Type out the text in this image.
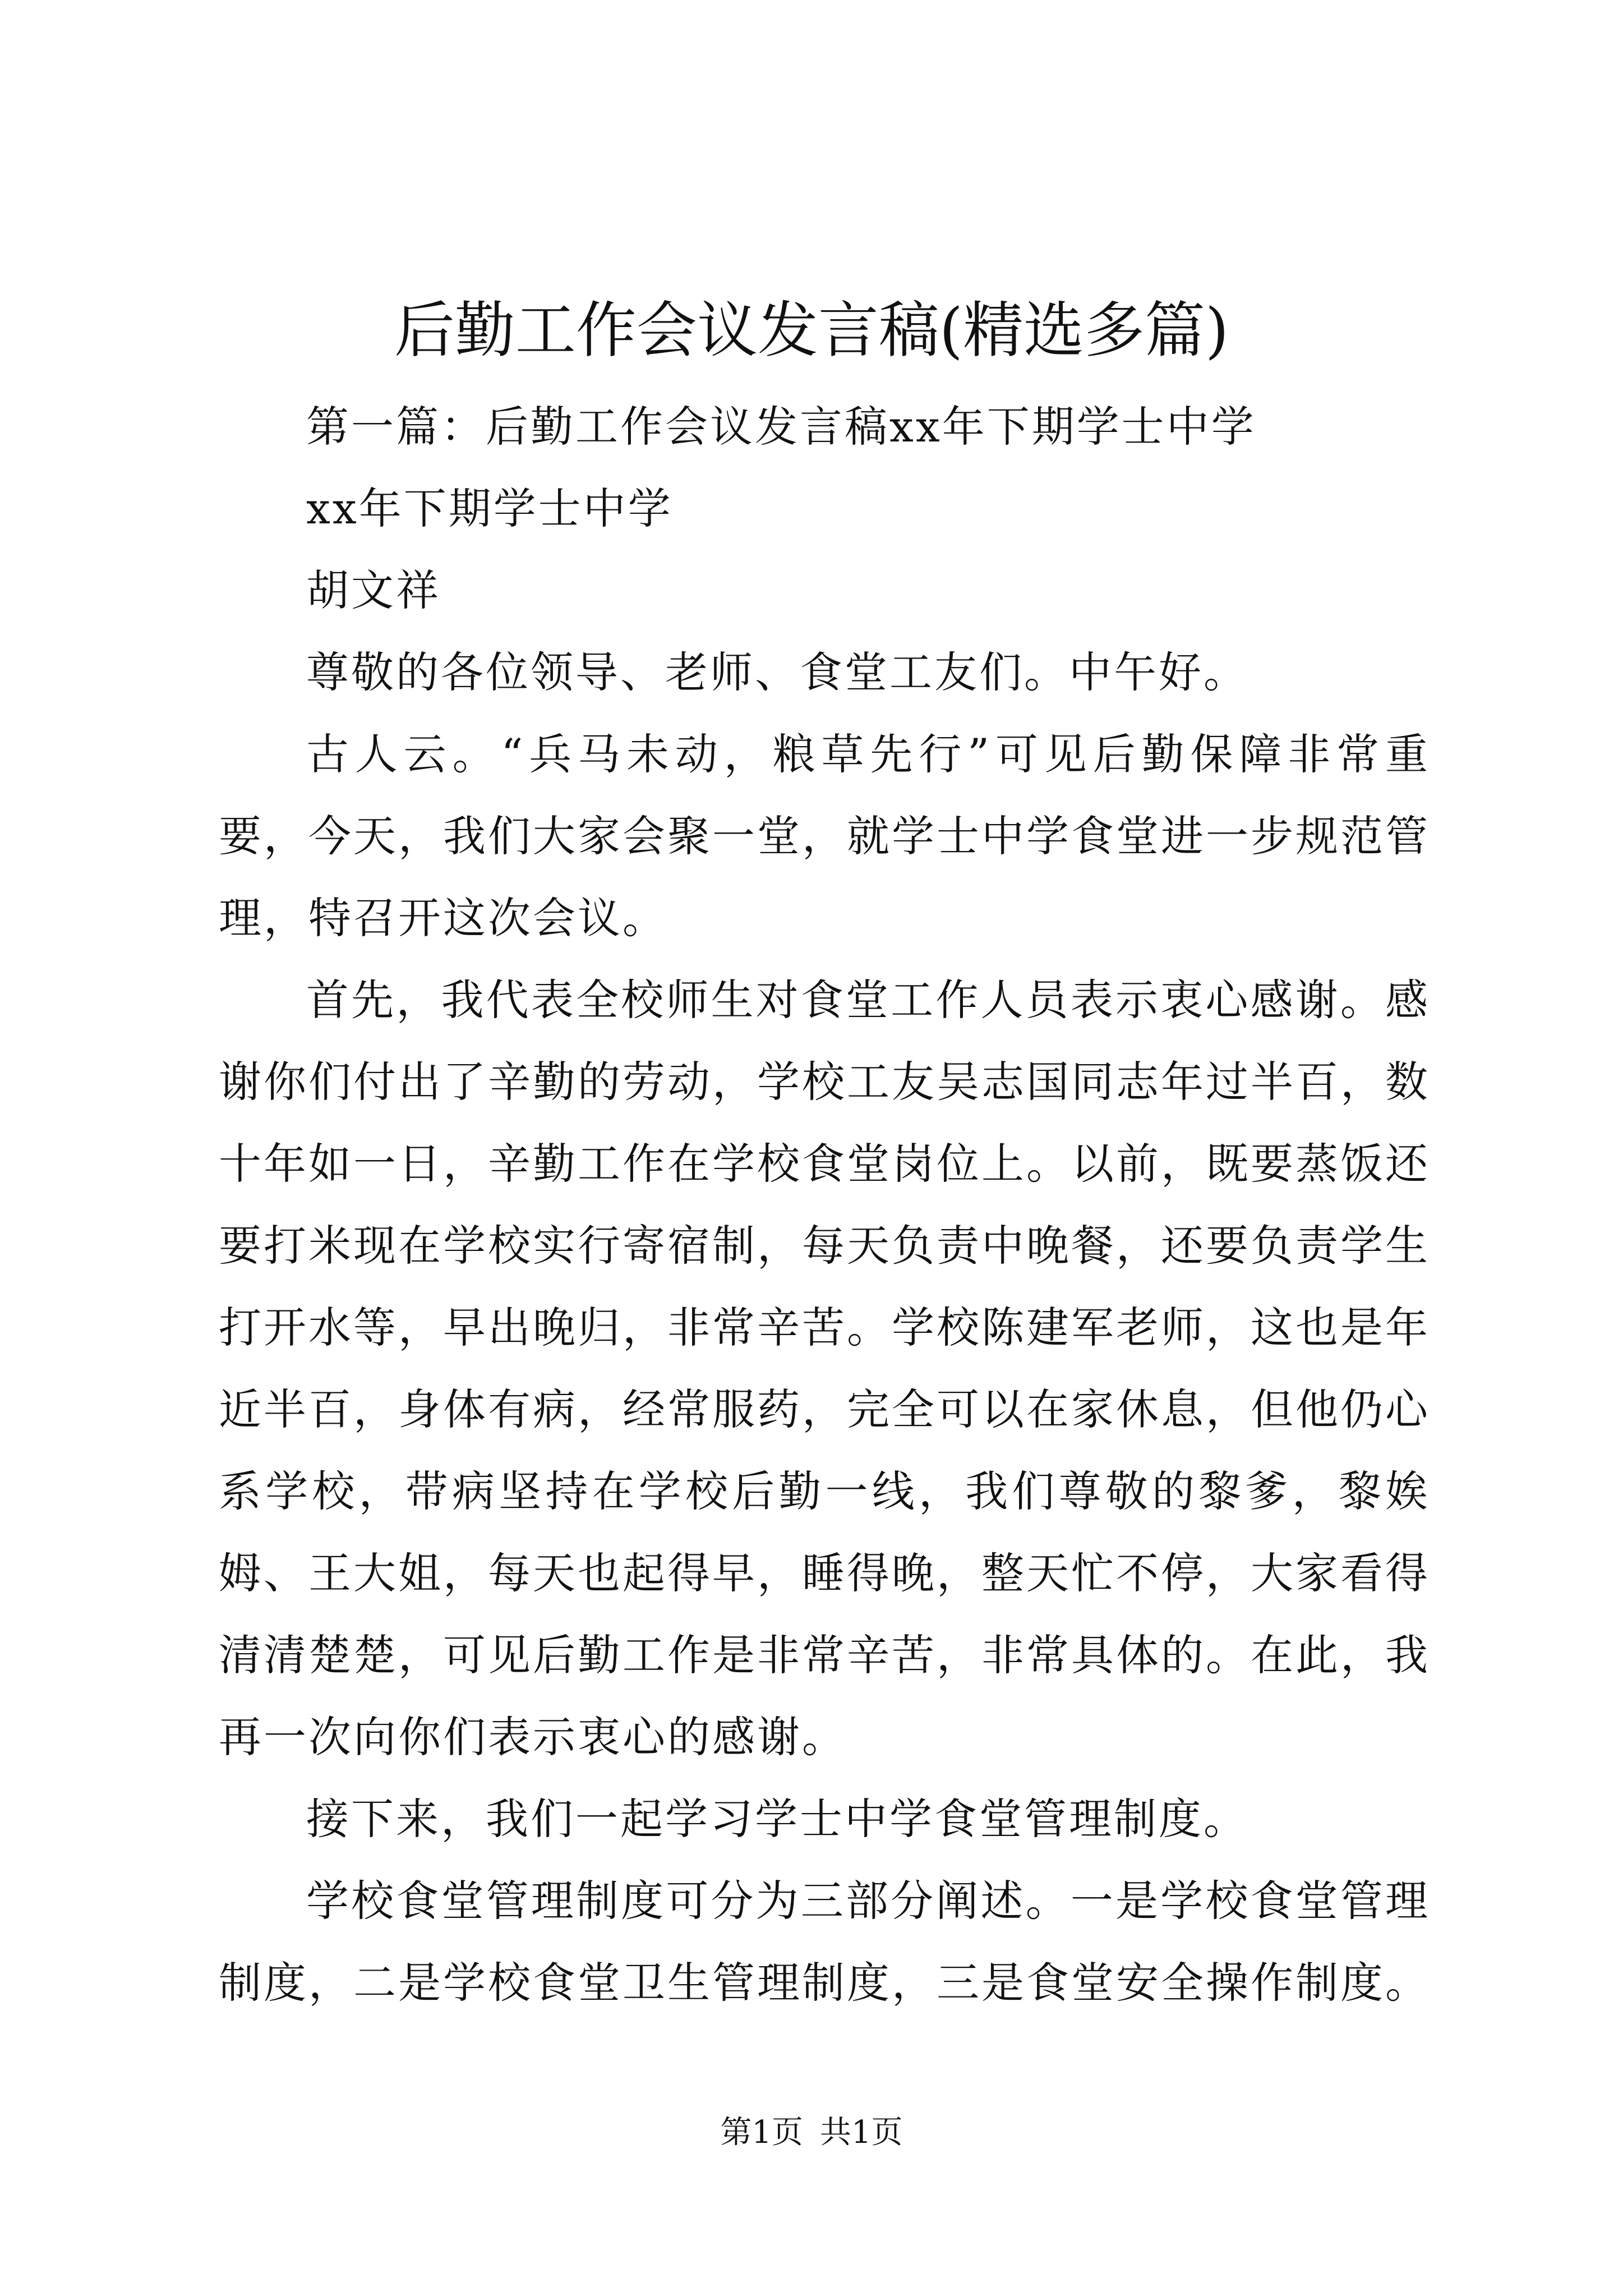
后勤工作会议发言稿(精选多篇)

第一篇：后勤工作会议发言稿xx年下期学士中学

xx年下期学士中学

胡文祥

尊敬的各位领导、老师、食堂工友们。中午好。

古人云。“兵马未动，粮草先行”可见后勤保障非常重要，今天，我们大家会聚一堂，就学士中学食堂进一步规范管理，特召开这次会议。

首先，我代表全校师生对食堂工作人员表示衷心感谢。感谢你们付出了辛勤的劳动，学校工友吴志国同志年过半百，数十年如一日，辛勤工作在学校食堂岗位上。以前，既要蒸饭还要打米现在学校实行寄宿制，每天负责中晚餐，还要负责学生打开水等，早出晚归，非常辛苦。学校陈建军老师，这也是年近半百，身体有病，经常服药，完全可以在家休息，但他仍心系学校，带病坚持在学校后勤一线，我们尊敬的黎爹，黎娭姆、王大姐，每天也起得早，睡得晚，整天忙不停，大家看得清清楚楚，可见后勤工作是非常辛苦，非常具体的。在此，我再一次向你们表示衷心的感谢。

接下来，我们一起学习学士中学食堂管理制度。

学校食堂管理制度可分为三部分阐述。一是学校食堂管理制度，二是学校食堂卫生管理制度，三是食堂安全操作制度。

第1页 共1页
